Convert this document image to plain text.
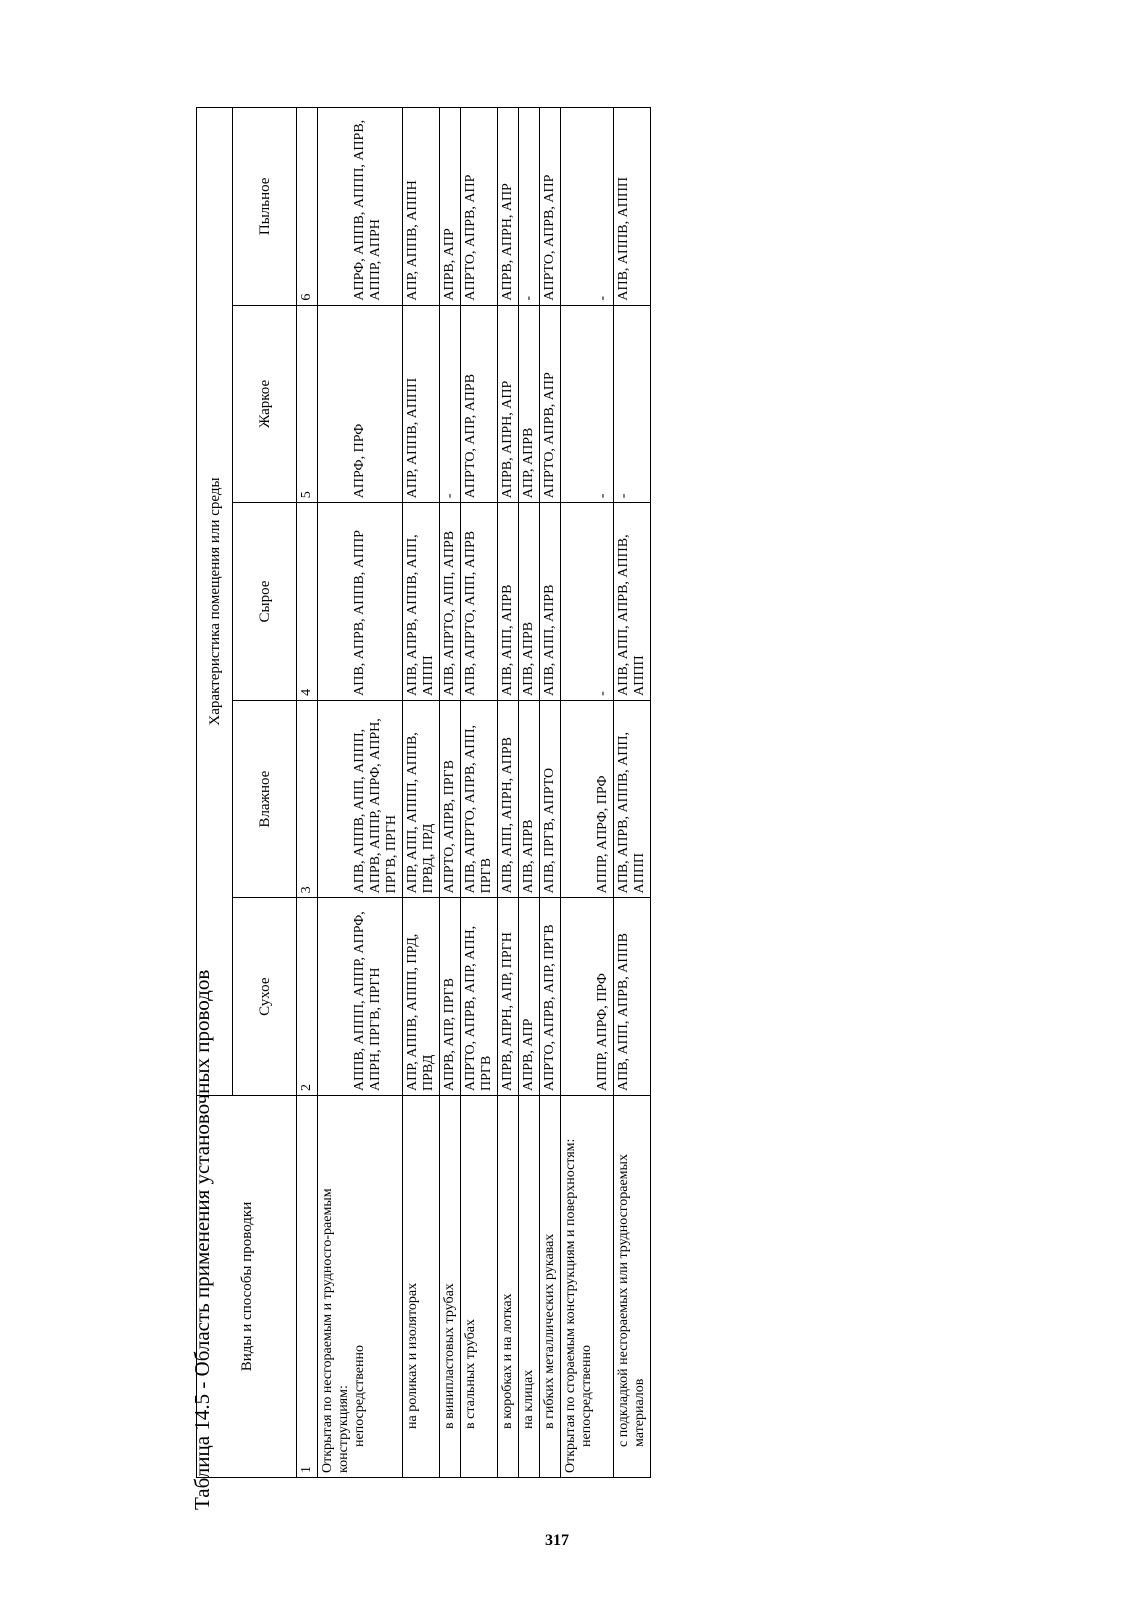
Таблица 14.5 - Область применения установочных проводов Виды и способы проводки	Характеристика помещения или среды				
	Сухое	Влажное	Сырое	Жаркое	Пыльное
1	2	3	4	5	6

Открытая по несгораемым и трудносго-раемым конструкциям: непосредственно	АППВ, АППП, АППР, АПРФ, АПРН, ПРГВ, ПРГН	АПВ, АППВ, АПП, АППП, АПРВ, АППР, АПРФ, АПРН, ПРГВ, ПРГН	АПВ, АПРВ, АППВ, АППР	АПРФ, ПРФ	АПРФ, АППВ, АППП, АПРВ, АППР, АПРН

на роликах и изоляторах	АПР, АППВ, АППП, ПРД, ПРВД	АПР, АПП, АППП, АППВ, ПРВД, ПРД	АПВ, АПРВ, АППВ, АПП, АППП	АПР, АППВ, АППП	АПР, АППВ, АППН

в винипластовых трубах	АПРВ, АПР, ПРГВ	АПРТО, АПРВ, ПРГВ	АПВ, АПРТО, АПП, АПРВ	-	АПРВ, АПР

в стальных трубах	АПРТО, АПРВ, АПР, АПН, ПРГВ	АПВ, АПРТО, АПРВ, АПП, ПРГВ	АПВ, АПРТО, АПП, АПРВ	АПРТО, АПР, АПРВ	АПРТО, АПРВ, АПР

в коробках и на лотках	АПРВ, АПРН, АПР, ПРГН	АПВ, АПП, АПРН, АПРВ	АПВ, АПП, АПРВ	АПРВ, АПРН, АПР	АПРВ, АПРН, АПР

на клицах	АПРВ, АПР	АПВ, АПРВ	АПВ, АПРВ	АПР, АПРВ	-

в гибких металлических рукавах	АПРТО, АПРВ, АПР, ПРГВ	АПВ, ПРГВ, АПРТО	АПВ, АПП, АПРВ	АПРТО, АПРВ, АПР	АПРТО, АПРВ, АПР

Открытая по сгораемым конструкциям и поверхностям: непосредственно	АППР, АПРФ, ПРФ	АППР, АПРФ, ПРФ	-	-	-

с подкладкой несгораемых или трудносгораемых материалов	АПВ, АПП, АПРВ, АППВ	АПВ, АПРВ, АППВ, АПП, АППП	АПВ, АПП, АПРВ, АППВ, АППП	-	АПВ, АППВ, АППП
317
